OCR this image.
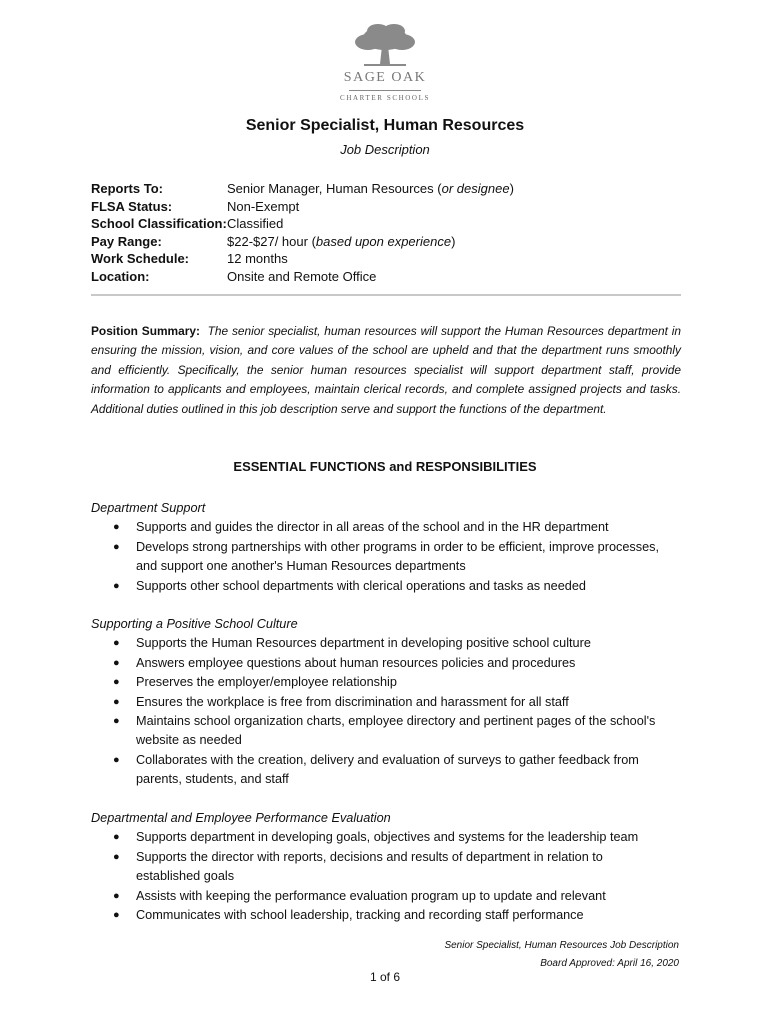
SAGE OAK
CHARTER SCHOOLS
Senior Specialist, Human Resources
Job Description
Reports To:	Senior Manager, Human Resources (or designee)
FLSA Status:	Non-Exempt
School Classification:Classified
Pay Range:	$22-$27/ hour (based upon experience)
Work Schedule:	12 months
Location:	Onsite and Remote Office
Position Summary: The senior specialist, human resources will support the Human Resources department in ensuring the mission, vision, and core values of the school are upheld and that the department runs smoothly and efficiently. Specifically, the senior human resources specialist will support department staff, provide information to applicants and employees, maintain clerical records, and complete assigned projects and tasks. Additional duties outlined in this job description serve and support the functions of the department.
ESSENTIAL FUNCTIONS and RESPONSIBILITIES
Department Support
● Supports and guides the director in all areas of the school and in the HR department
● Develops strong partnerships with other programs in order to be efficient, improve processes,
and support one another's Human Resources departments
● Supports other school departments with clerical operations and tasks as needed
Supporting a Positive School Culture
● Supports the Human Resources department in developing positive school culture
● Answers employee questions about human resources policies and procedures
● Preserves the employer/employee relationship
● Ensures the workplace is free from discrimination and harassment for all staff
● Maintains school organization charts, employee directory and pertinent pages of the school's
website as needed
● Collaborates with the creation, delivery and evaluation of surveys to gather feedback from
parents, students, and staff
Departmental and Employee Performance Evaluation
● Supports department in developing goals, objectives and systems for the leadership team
● Supports the director with reports, decisions and results of department in relation to
established goals
● Assists with keeping the performance evaluation program up to update and relevant
● Communicates with school leadership, tracking and recording staff performance
Senior Specialist, Human Resources Job Description
Board Approved: April 16, 2020
1 of 6
